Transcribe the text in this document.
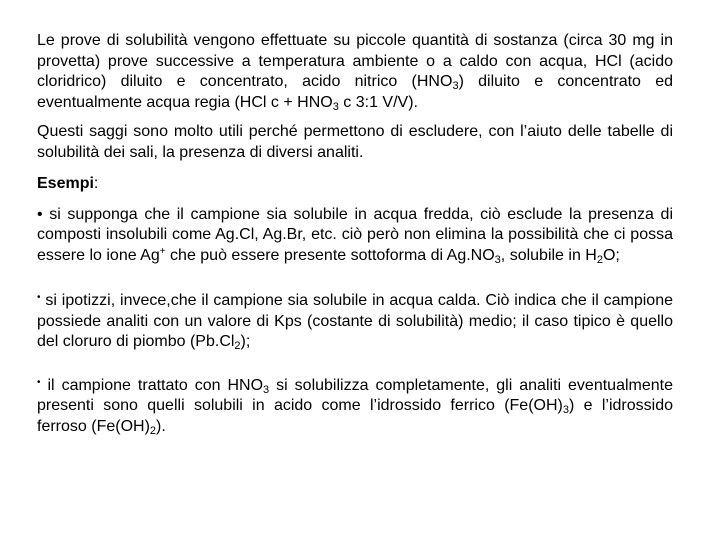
Le prove di solubilità vengono effettuate su piccole quantità di sostanza (circa 30 mg in provetta) prove successive a temperatura ambiente o a caldo con acqua, HCl (acido cloridrico) diluito e concentrato, acido nitrico $(HNO_3)$ diluito e concentrato ed eventualmente acqua regia (HCl $c + HNO_3$ c 3:1 V/V).

Questi saggi sono molto utili perché permettono di escludere, con l’aiuto delle tabelle di solubilità dei sali, la presenza di diversi analiti.

Esempi:

• si supponga che il campione sia solubile in acqua fredda, ciò esclude la presenza di composti insolubili come Ag.Cl, Ag.Br, etc. ciò però non elimina la possibilità che ci possa essere lo ione Ag+ che può essere presente sottoforma di $Ag.NO_3$, solubile in $H_2O$;

• si ipotizzi, invece,che il campione sia solubile in acqua calda. Ciò indica che il campione possiede analiti con un valore di Kps (costante di solubilità) medio; il caso tipico è quello del cloruro di piombo $(Pb.Cl_2)$;

• il campione trattato con $HNO_3$ si solubilizza completamente, gli analiti eventualmente presenti sono quelli solubili in acido come l’idrossido ferrico $(Fe(OH)_3)$ e l’idrossido ferroso $(Fe(OH)_2)$.
